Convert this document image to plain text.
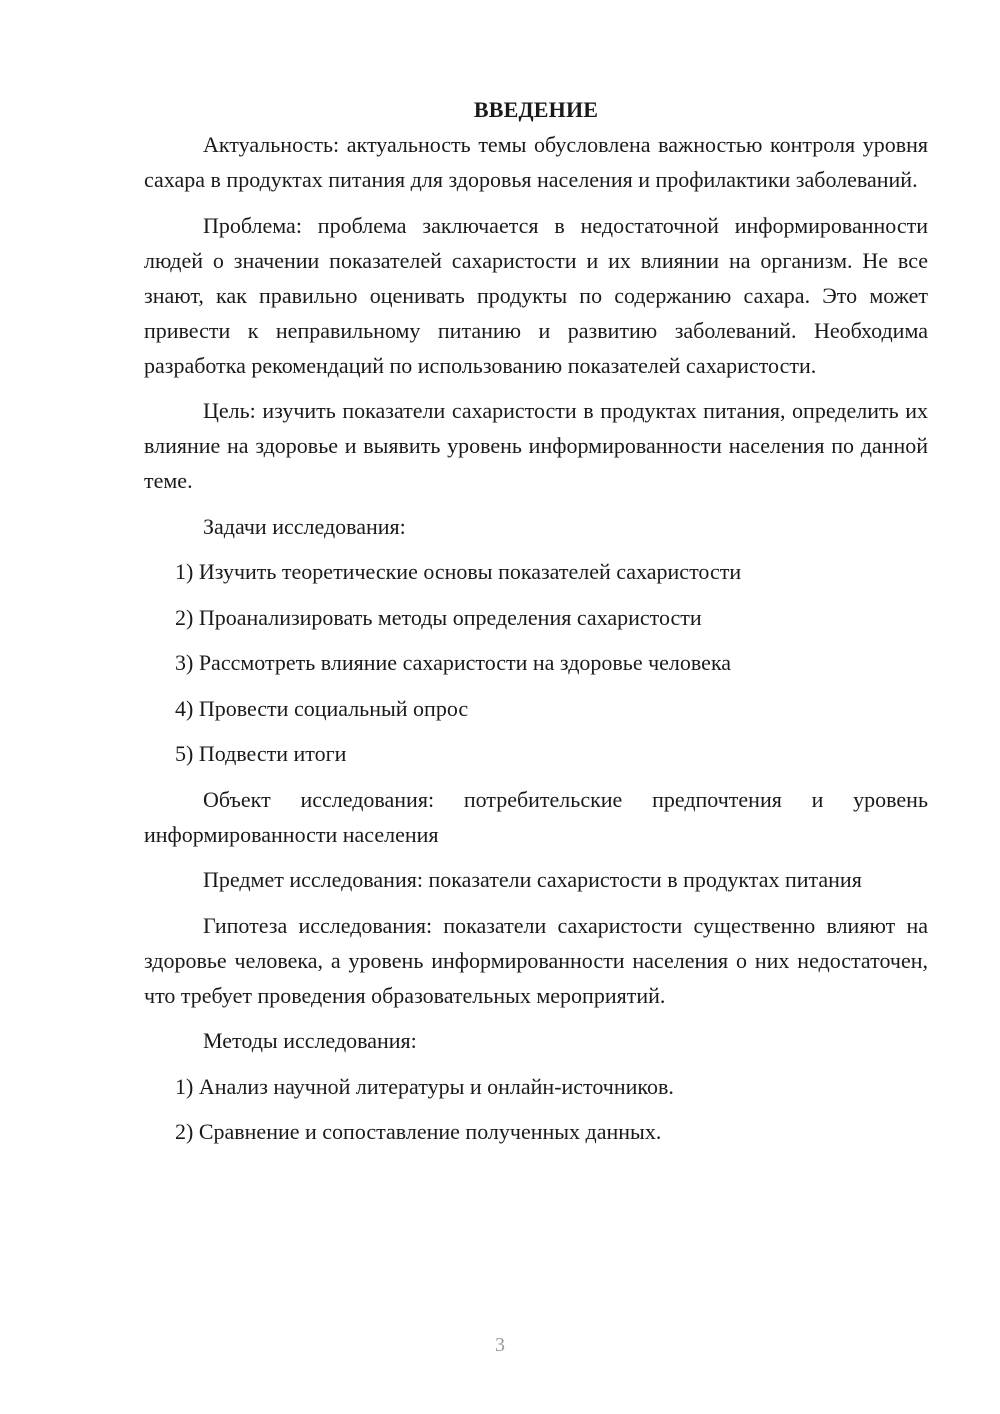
ВВЕДЕНИЕ

Актуальность: актуальность темы обусловлена важностью контроля уровня сахара в продуктах питания для здоровья населения и профилактики заболеваний.

Проблема: проблема заключается в недостаточной информированности людей о значении показателей сахаристости и их влиянии на организм. Не все знают, как правильно оценивать продукты по содержанию сахара. Это может привести к неправильному питанию и развитию заболеваний. Необходима разработка рекомендаций по использованию показателей сахаристости.

Цель: изучить показатели сахаристости в продуктах питания, определить их влияние на здоровье и выявить уровень информированности населения по данной теме.

Задачи исследования:

1) Изучить теоретические основы показателей сахаристости

2) Проанализировать методы определения сахаристости

3) Рассмотреть влияние сахаристости на здоровье человека

4) Провести социальный опрос

5) Подвести итоги

Объект исследования: потребительские предпочтения и уровень информированности населения

Предмет исследования: показатели сахаристости в продуктах питания

Гипотеза исследования: показатели сахаристости существенно влияют на здоровье человека, а уровень информированности населения о них недостаточен, что требует проведения образовательных мероприятий.

Методы исследования:

1) Анализ научной литературы и онлайн-источников.

2) Сравнение и сопоставление полученных данных.

3
